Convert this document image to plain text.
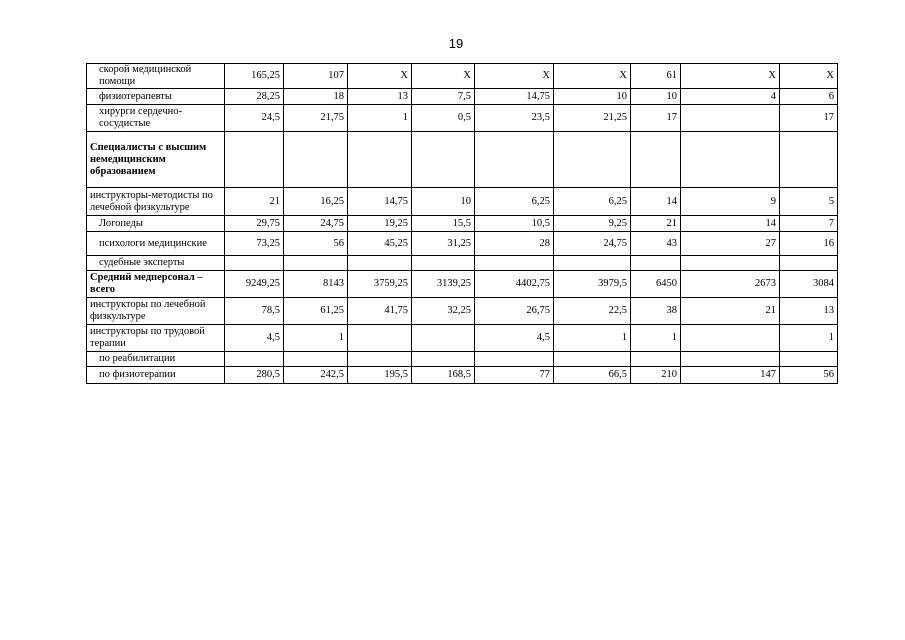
19
скорой медицинской помощи	165,25	107	Х	Х	Х	Х	61	Х	Х
физиотерапевты	28,25	18	13	7,5	14,75	10	10	4	6
хирурги сердечно-сосудистые	24,5	21,75	1	0,5	23,5	21,25	17		17
Специалисты с высшим немедицинским образованием									
инструкторы-методисты по лечебной физкультуре	21	16,25	14,75	10	6,25	6,25	14	9	5
Логопеды	29,75	24,75	19,25	15,5	10,5	9,25	21	14	7
психологи медицинские	73,25	56	45,25	31,25	28	24,75	43	27	16
судебные эксперты									
Средний медперсонал – всего	9249,25	8143	3759,25	3139,25	4402,75	3979,5	6450	2673	3084
инструкторы по лечебной физкультуре	78,5	61,25	41,75	32,25	26,75	22,5	38	21	13
инструкторы по трудовой терапии	4,5	1			4,5	1	1		1
по реабилитации									
по физиотерапии	280,5	242,5	195,5	168,5	77	66,5	210	147	56
